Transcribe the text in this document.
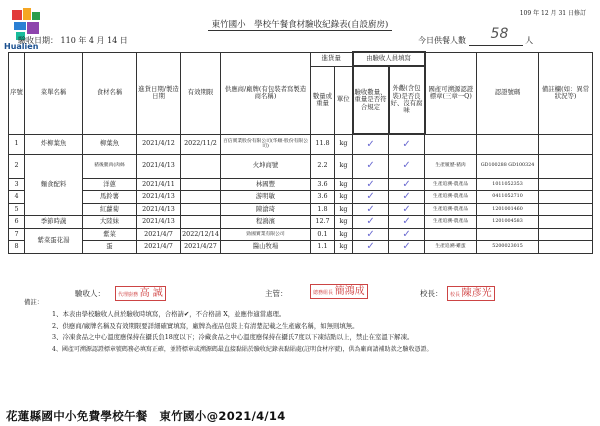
Hualien
109 年 12 月 31 日修訂
東竹國小　學校午餐食材驗收紀錄表(自設廚房)
驗收日期： 110 年 4 月 14 日	今日供餐人數 58 人
序號	菜單名稱	食材名稱	進貨日期/製造日期	有效期限	供應商/廠牌(有包裝者寫製造商名稱)	進貨量		由驗收人員填寫		國產可溯源認證標章(三章一Q)	認證號碼	備註欄(如：異常狀況等)
						數量或重量	單位	驗收數量、重量是否符合規定	外觀(含包裝)是否良好、沒有腐味			
1	炸柳葉魚	柳葉魚	2021/4/12	2022/11/2	百信實業股份有限公司(华順-股份有限公司)	11.8	kg	✓	✓			
2	麵食配料	豬後腿肉(肉絲	2021/4/13		火坤商號	2.2	kg	✓	✓	生產履歷-豬肉	GD100288 GD100324	
3		洋蔥	2021/4/11		林國豐	3.6	kg	✓	✓	生產追溯-農產品	1011052353	
4		馬鈴薯	2021/4/13		游明敏	3.6	kg	✓	✓	生產追溯-農產品	0411052710	
5		紅蘿蔔	2021/4/13		陳滄琦	1.8	kg	✓	✓	生產追溯-農產品	1201001460	
6	季節時蔬	大陸妹	2021/4/13		程鴻濱	12.7	kg	✓	✓	生產追溯-農產品	1201004583	
7	紫菜蛋花湯	紫菜	2021/4/7	2022/12/14	勁國實業有限公司	0.1	kg	✓	✓			
8		蛋	2021/4/7	2021/4/27	醫山牧場	1.1	kg	✓	✓	生產追溯-雞蛋	5200023015	
驗收人：	代理廚務 高 誠	主管：	總務組長 簡鴻成	校長：	校長 陳彥光
備註：
1、本表由學校驗收人員於驗收時填寫，合格請✔，不合格請 X，並應作適當處理。
2、供應商/廠牌名稱及有效期限要詳細確實填寫，廠牌為產品包裝上有清楚記載之生產廠名稱，如無則填無。
3、冷凍食品之中心溫度應保持在攝氏負18度以下；冷藏食品之中心溫度應保持在攝氏7度以下凍結點以上，禁止在室溫下解凍。
4、國產可溯源認證標章號碼務必填寫正確，並將標章或溯源碼最直接黏貼於驗收紀錄表黏貼處(註明食材序號)，供為廠商請補助款之驗收憑證。
花蓮縣國中小免費學校午餐　東竹國小@2021/4/14
